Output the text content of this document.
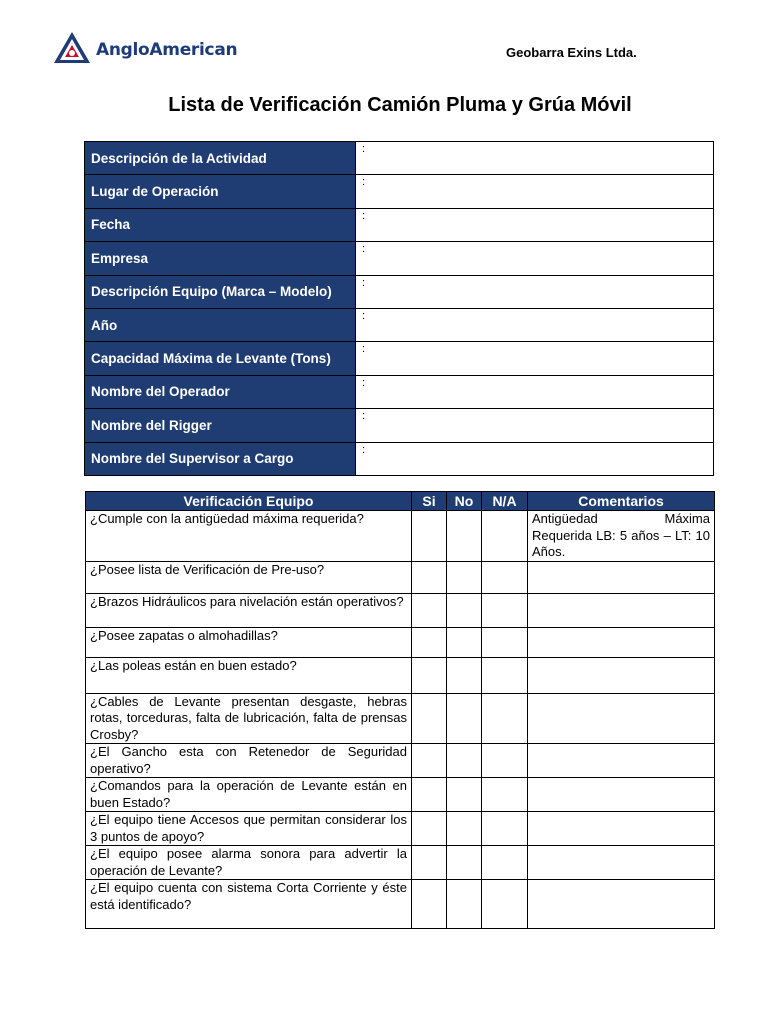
AngloAmerican	Geobarra Exins Ltda.
Lista de Verificación Camión Pluma y Grúa Móvil
Descripción de la Actividad	:
Lugar de Operación	:
Fecha	:
Empresa	:
Descripción Equipo (Marca – Modelo)	:
Año	:
Capacidad Máxima de Levante (Tons)	:
Nombre del Operador	:
Nombre del Rigger	:
Nombre del Supervisor a Cargo	:
Verificación Equipo	Si	No	N/A	Comentarios
¿Cumple con la antigüedad máxima requerida?				Antigüedad Máxima Requerida LB: 5 años – LT: 10 Años.
¿Posee lista de Verificación de Pre-uso?				
¿Brazos Hidráulicos para nivelación están operativos?				
¿Posee zapatas o almohadillas?				
¿Las poleas están en buen estado?				
¿Cables de Levante presentan desgaste, hebras rotas, torceduras, falta de lubricación, falta de prensas Crosby?				
¿El Gancho esta con Retenedor de Seguridad operativo?				
¿Comandos para la operación de Levante están en buen Estado?				
¿El equipo tiene Accesos que permitan considerar los 3 puntos de apoyo?				
¿El equipo posee alarma sonora para advertir la operación de Levante?				
¿El equipo cuenta con sistema Corta Corriente y éste está identificado?				
